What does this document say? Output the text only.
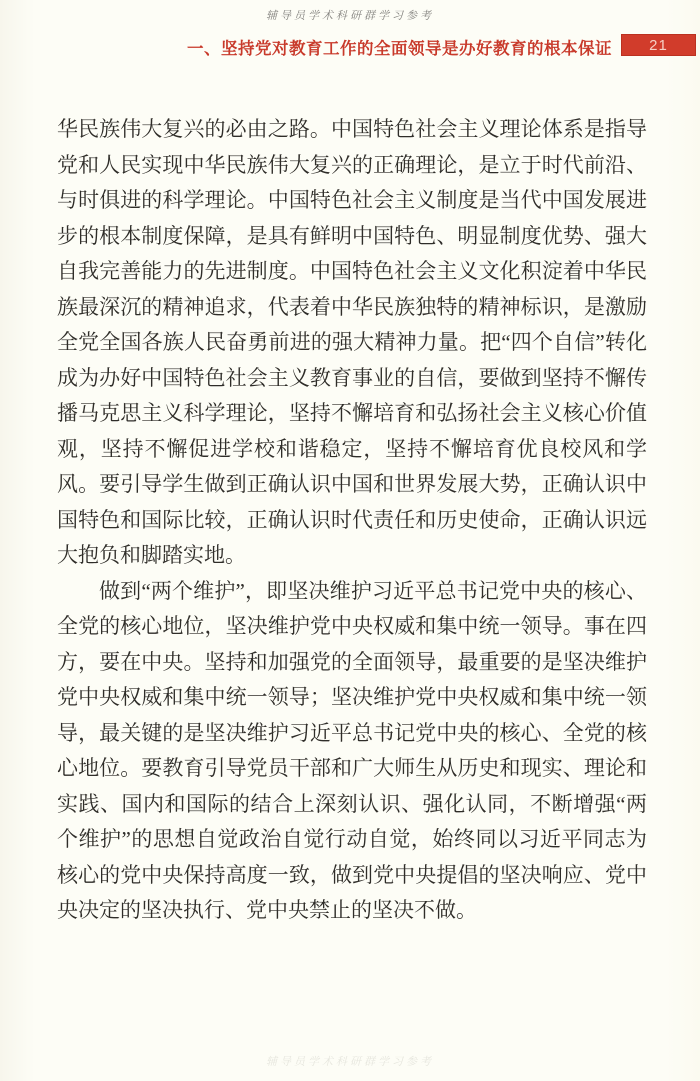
辅导员学术科研群学习参考
一、坚持党对教育工作的全面领导是办好教育的根本保证 21

华民族伟大复兴的必由之路。中国特色社会主义理论体系是指导党和人民实现中华民族伟大复兴的正确理论，是立于时代前沿、与时俱进的科学理论。中国特色社会主义制度是当代中国发展进步的根本制度保障，是具有鲜明中国特色、明显制度优势、强大自我完善能力的先进制度。中国特色社会主义文化积淀着中华民族最深沉的精神追求，代表着中华民族独特的精神标识，是激励全党全国各族人民奋勇前进的强大精神力量。把“四个自信”转化成为办好中国特色社会主义教育事业的自信，要做到坚持不懈传播马克思主义科学理论，坚持不懈培育和弘扬社会主义核心价值观，坚持不懈促进学校和谐稳定，坚持不懈培育优良校风和学风。要引导学生做到正确认识中国和世界发展大势，正确认识中国特色和国际比较，正确认识时代责任和历史使命，正确认识远大抱负和脚踏实地。

做到“两个维护”，即坚决维护习近平总书记党中央的核心、全党的核心地位，坚决维护党中央权威和集中统一领导。事在四方，要在中央。坚持和加强党的全面领导，最重要的是坚决维护党中央权威和集中统一领导；坚决维护党中央权威和集中统一领导，最关键的是坚决维护习近平总书记党中央的核心、全党的核心地位。要教育引导党员干部和广大师生从历史和现实、理论和实践、国内和国际的结合上深刻认识、强化认同，不断增强“两个维护”的思想自觉政治自觉行动自觉，始终同以习近平同志为核心的党中央保持高度一致，做到党中央提倡的坚决响应、党中央决定的坚决执行、党中央禁止的坚决不做。

辅导员学术科研群学习参考
